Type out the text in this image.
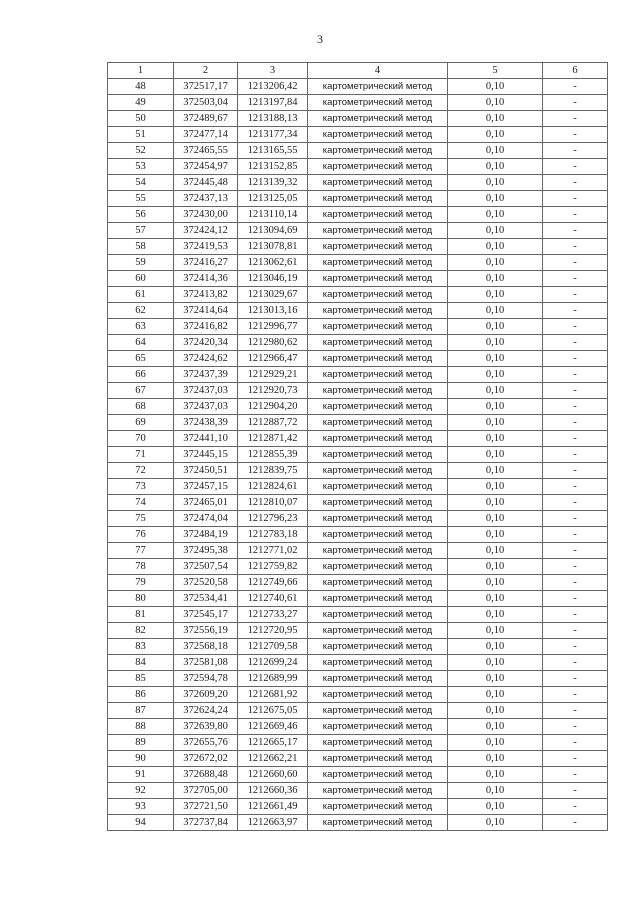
3
1	2	3	4	5	6
48	372517,17	1213206,42	картометрический метод	0,10	-
49	372503,04	1213197,84	картометрический метод	0,10	-
50	372489,67	1213188,13	картометрический метод	0,10	-
51	372477,14	1213177,34	картометрический метод	0,10	-
52	372465,55	1213165,55	картометрический метод	0,10	-
53	372454,97	1213152,85	картометрический метод	0,10	-
54	372445,48	1213139,32	картометрический метод	0,10	-
55	372437,13	1213125,05	картометрический метод	0,10	-
56	372430,00	1213110,14	картометрический метод	0,10	-
57	372424,12	1213094,69	картометрический метод	0,10	-
58	372419,53	1213078,81	картометрический метод	0,10	-
59	372416,27	1213062,61	картометрический метод	0,10	-
60	372414,36	1213046,19	картометрический метод	0,10	-
61	372413,82	1213029,67	картометрический метод	0,10	-
62	372414,64	1213013,16	картометрический метод	0,10	-
63	372416,82	1212996,77	картометрический метод	0,10	-
64	372420,34	1212980,62	картометрический метод	0,10	-
65	372424,62	1212966,47	картометрический метод	0,10	-
66	372437,39	1212929,21	картометрический метод	0,10	-
67	372437,03	1212920,73	картометрический метод	0,10	-
68	372437,03	1212904,20	картометрический метод	0,10	-
69	372438,39	1212887,72	картометрический метод	0,10	-
70	372441,10	1212871,42	картометрический метод	0,10	-
71	372445,15	1212855,39	картометрический метод	0,10	-
72	372450,51	1212839,75	картометрический метод	0,10	-
73	372457,15	1212824,61	картометрический метод	0,10	-
74	372465,01	1212810,07	картометрический метод	0,10	-
75	372474,04	1212796,23	картометрический метод	0,10	-
76	372484,19	1212783,18	картометрический метод	0,10	-
77	372495,38	1212771,02	картометрический метод	0,10	-
78	372507,54	1212759,82	картометрический метод	0,10	-
79	372520,58	1212749,66	картометрический метод	0,10	-
80	372534,41	1212740,61	картометрический метод	0,10	-
81	372545,17	1212733,27	картометрический метод	0,10	-
82	372556,19	1212720,95	картометрический метод	0,10	-
83	372568,18	1212709,58	картометрический метод	0,10	-
84	372581,08	1212699,24	картометрический метод	0,10	-
85	372594,78	1212689,99	картометрический метод	0,10	-
86	372609,20	1212681,92	картометрический метод	0,10	-
87	372624,24	1212675,05	картометрический метод	0,10	-
88	372639,80	1212669,46	картометрический метод	0,10	-
89	372655,76	1212665,17	картометрический метод	0,10	-
90	372672,02	1212662,21	картометрический метод	0,10	-
91	372688,48	1212660,60	картометрический метод	0,10	-
92	372705,00	1212660,36	картометрический метод	0,10	-
93	372721,50	1212661,49	картометрический метод	0,10	-
94	372737,84	1212663,97	картометрический метод	0,10	-
